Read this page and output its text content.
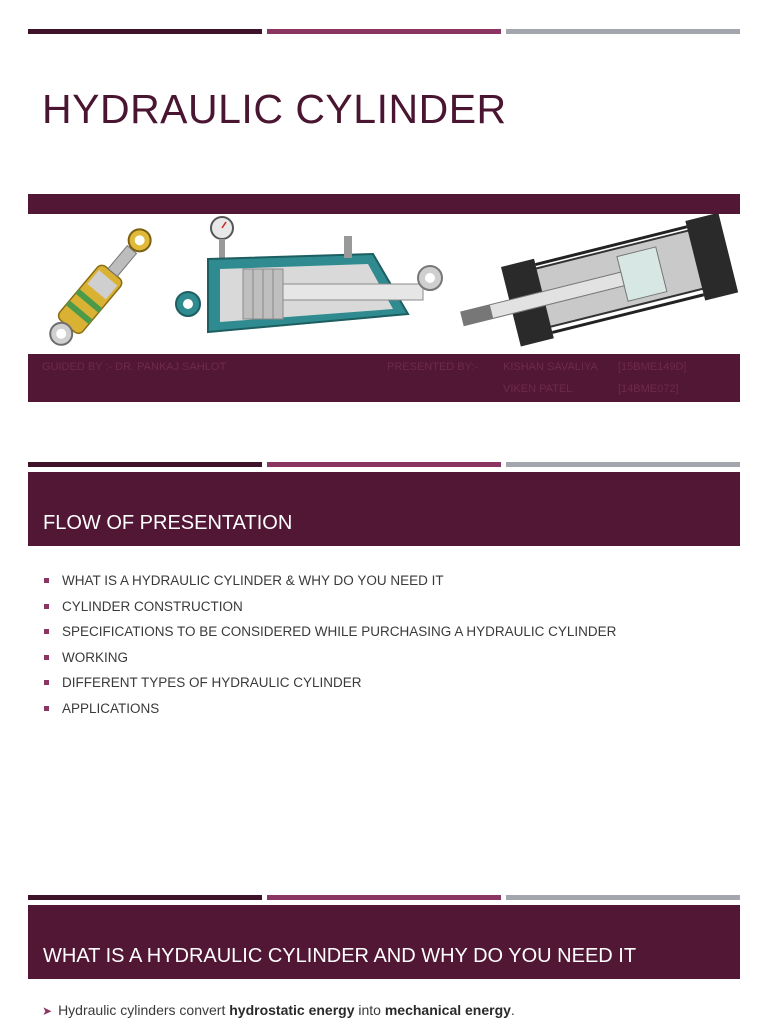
HYDRAULIC CYLINDER
GUIDED BY :- DR. PANKAJ SAHLOT	PRESENTED BY:- KISHAN SAVALIYA [15BME149D]
VIKEN PATEL	[14BME072]
FLOW OF PRESENTATION
WHAT IS A HYDRAULIC CYLINDER & WHY DO YOU NEED IT
CYLINDER CONSTRUCTION
SPECIFICATIONS TO BE CONSIDERED WHILE PURCHASING A HYDRAULIC CYLINDER
WORKING
DIFFERENT TYPES OF HYDRAULIC CYLINDER
APPLICATIONS
WHAT IS A HYDRAULIC CYLINDER AND WHY DO YOU NEED IT
➤ Hydraulic cylinders convert hydrostatic energy into mechanical energy.
